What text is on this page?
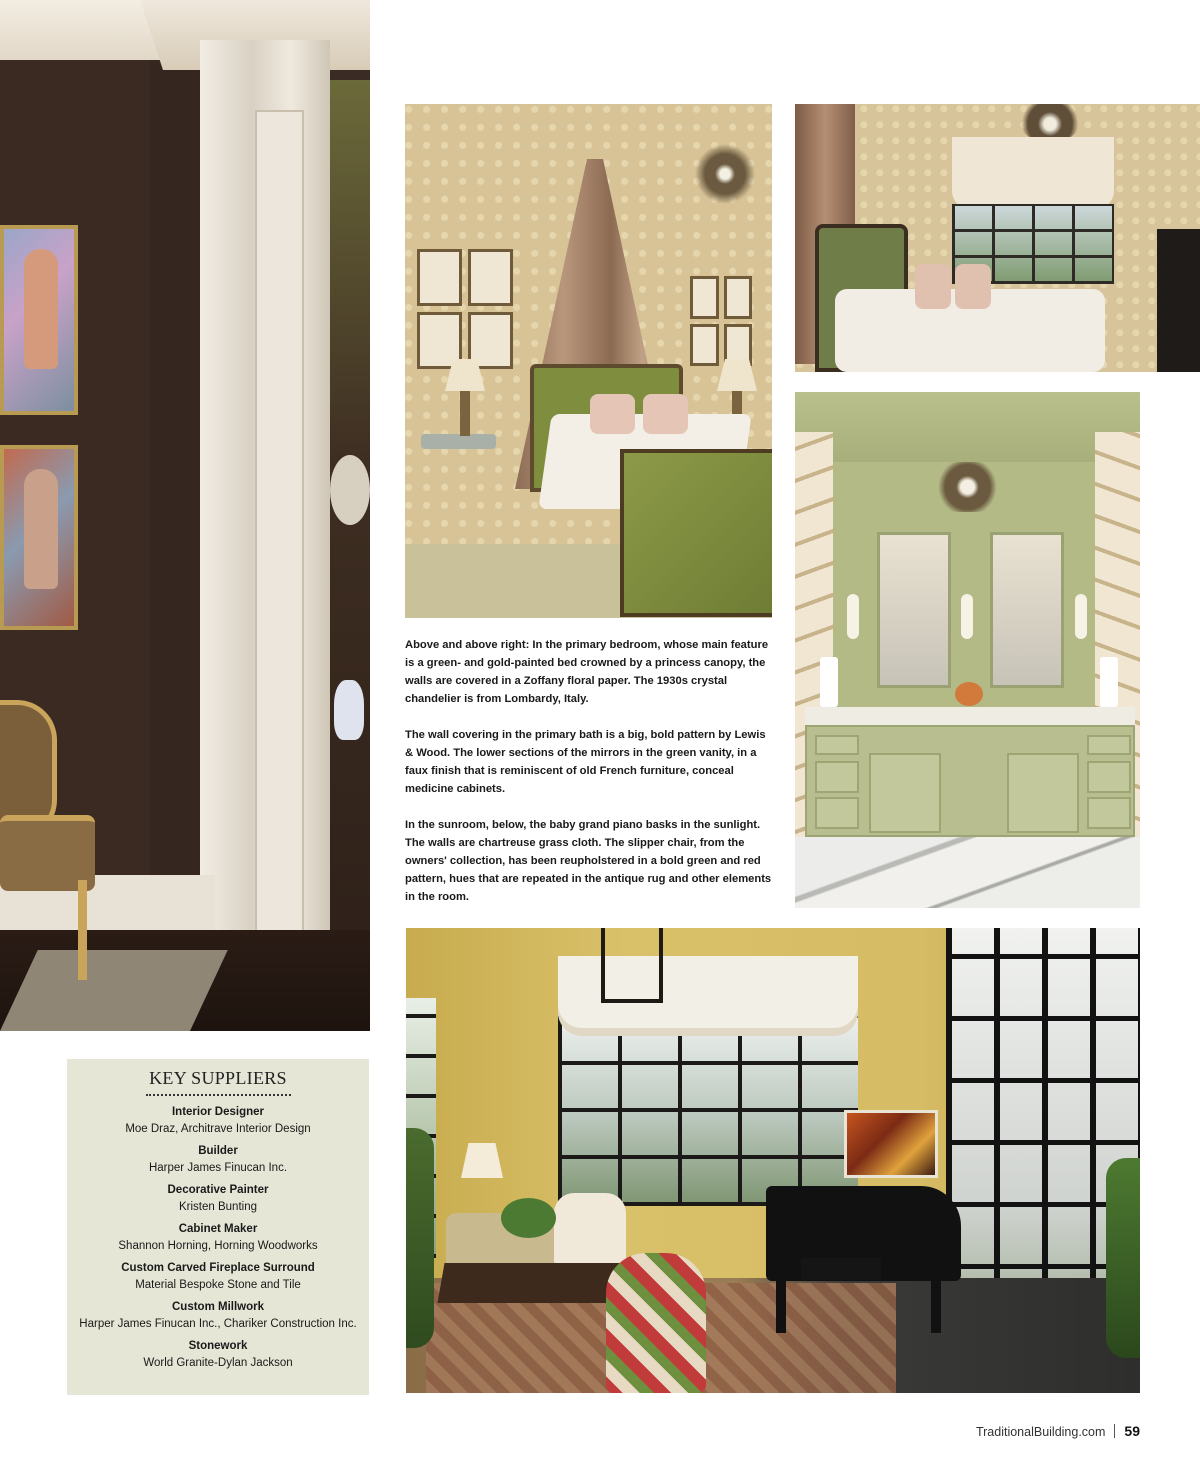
Above and above right: In the primary bedroom, whose main feature is a green- and gold-painted bed crowned by a princess canopy, the walls are covered in a Zoffany floral paper. The 1930s crystal chandelier is from Lombardy, Italy.

The wall covering in the primary bath is a big, bold pattern by Lewis & Wood. The lower sections of the mirrors in the green vanity, in a faux finish that is reminiscent of old French furniture, conceal medicine cabinets.

In the sunroom, below, the baby grand piano basks in the sunlight. The walls are chartreuse grass cloth. The slipper chair, from the owners' collection, has been reupholstered in a bold green and red pattern, hues that are repeated in the antique rug and other elements in the room.

KEY SUPPLIERS
Interior Designer
Moe Draz, Architrave Interior Design
Builder
Harper James Finucan Inc.
Decorative Painter
Kristen Bunting
Cabinet Maker
Shannon Horning, Horning Woodworks
Custom Carved Fireplace Surround
Material Bespoke Stone and Tile
Custom Millwork
Harper James Finucan Inc., Chariker Construction Inc.
Stonework
World Granite-Dylan Jackson
TraditionalBuilding.com 59
